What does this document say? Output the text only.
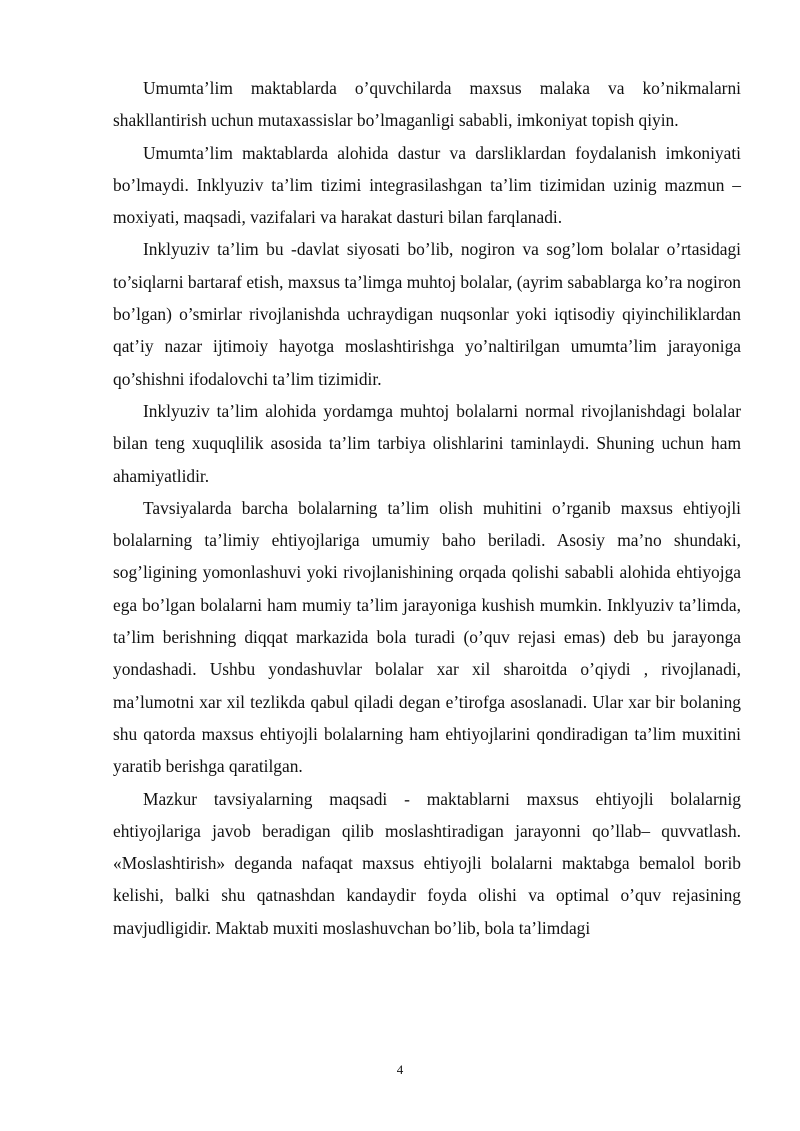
Umumta’lim maktablarda o’quvchilarda maxsus malaka va ko’nikmalarni shakllantirish uchun mutaxassislar bo’lmaganligi sababli, imkoniyat topish qiyin.

Umumta’lim maktablarda alohida dastur va darsliklardan foydalanish imkoniyati bo’lmaydi. Inklyuziv ta’lim tizimi integrasilashgan ta’lim tizimidan uzinig mazmun – moxiyati, maqsadi, vazifalari va harakat dasturi bilan farqlanadi.

Inklyuziv ta’lim bu -davlat siyosati bo’lib, nogiron va sog’lom bolalar o’rtasidagi to’siqlarni bartaraf etish, maxsus ta’limga muhtoj bolalar, (ayrim sabablarga ko’ra nogiron bo’lgan) o’smirlar rivojlanishda uchraydigan nuqsonlar yoki iqtisodiy qiyinchiliklardan qat’iy nazar ijtimoiy hayotga moslashtirishga yo’naltirilgan umumta’lim jarayoniga qo’shishni ifodalovchi ta’lim tizimidir.

Inklyuziv ta’lim alohida yordamga muhtoj bolalarni normal rivojlanishdagi bolalar bilan teng xuquqlilik asosida ta’lim tarbiya olishlarini taminlaydi. Shuning uchun ham ahamiyatlidir.

Tavsiyalarda barcha bolalarning ta’lim olish muhitini o’rganib maxsus ehtiyojli bolalarning ta’limiy ehtiyojlariga umumiy baho beriladi. Asosiy ma’no shundaki, sog’ligining yomonlashuvi yoki rivojlanishining orqada qolishi sababli alohida ehtiyojga ega bo’lgan bolalarni ham mumiy ta’lim jarayoniga kushish mumkin. Inklyuziv ta’limda, ta’lim berishning diqqat markazida bola turadi (o’quv rejasi emas) deb bu jarayonga yondashadi. Ushbu yondashuvlar bolalar xar xil sharoitda o’qiydi , rivojlanadi, ma’lumotni xar xil tezlikda qabul qiladi degan e’tirofga asoslanadi. Ular xar bir bolaning shu qatorda maxsus ehtiyojli bolalarning ham ehtiyojlarini qondiradigan ta’lim muxitini yaratib berishga qaratilgan.

Mazkur tavsiyalarning maqsadi - maktablarni maxsus ehtiyojli bolalarnig ehtiyojlariga javob beradigan qilib moslashtiradigan jarayonni qo’llab– quvvatlash. «Moslashtirish» deganda nafaqat maxsus ehtiyojli bolalarni maktabga bemalol borib kelishi, balki shu qatnashdan kandaydir foyda olishi va optimal o’quv rejasining mavjudligidir. Maktab muxiti moslashuvchan bo’lib, bola ta’limdagi

4
